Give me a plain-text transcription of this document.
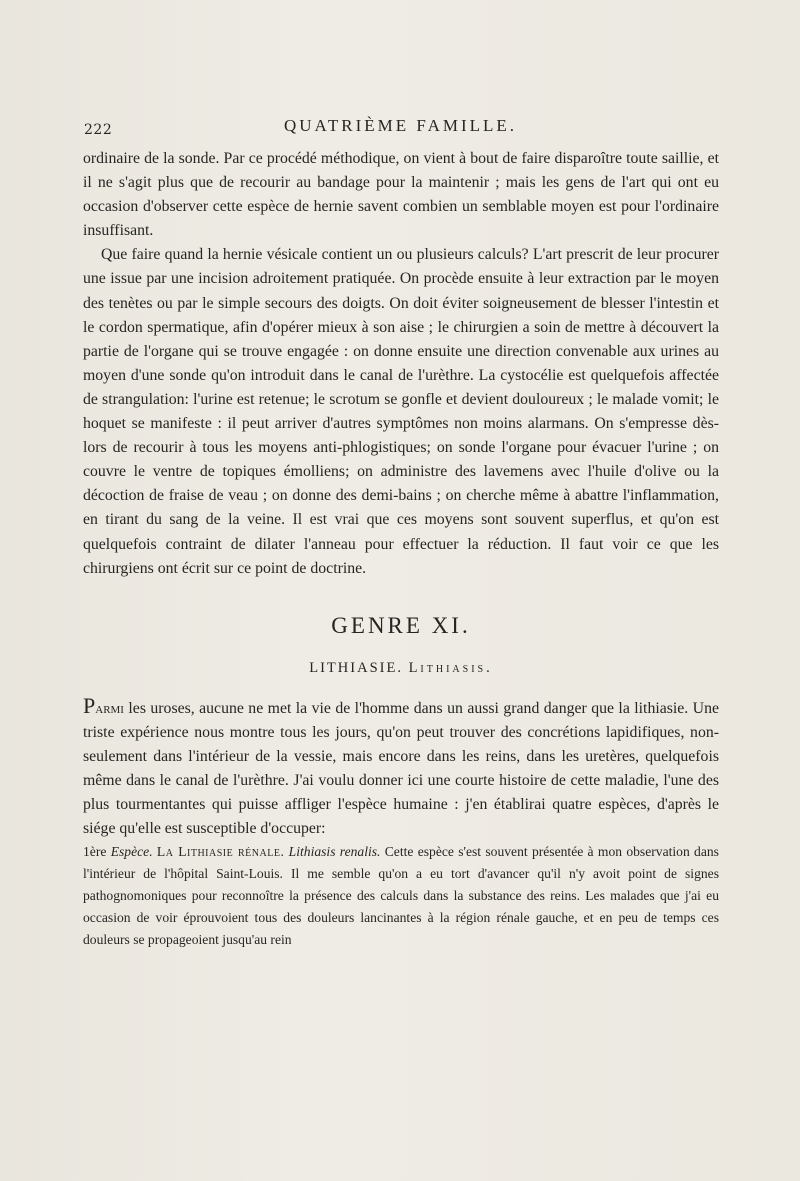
222	QUATRIÈME FAMILLE.

ordinaire de la sonde. Par ce procédé méthodique, on vient à bout de faire disparoître toute saillie, et il ne s'agit plus que de recourir au bandage pour la maintenir ; mais les gens de l'art qui ont eu occasion d'observer cette espèce de hernie savent combien un semblable moyen est pour l'ordinaire insuffisant.

Que faire quand la hernie vésicale contient un ou plusieurs calculs? L'art prescrit de leur procurer une issue par une incision adroitement pratiquée. On procède ensuite à leur extraction par le moyen des tenètes ou par le simple secours des doigts. On doit éviter soigneusement de blesser l'intestin et le cordon spermatique, afin d'opérer mieux à son aise ; le chirurgien a soin de mettre à découvert la partie de l'organe qui se trouve engagée : on donne ensuite une direction convenable aux urines au moyen d'une sonde qu'on introduit dans le canal de l'urèthre. La cystocélie est quelquefois affectée de strangulation: l'urine est retenue; le scrotum se gonfle et devient douloureux ; le malade vomit; le hoquet se manifeste : il peut arriver d'autres symptômes non moins alarmans. On s'empresse dès-lors de recourir à tous les moyens anti-phlogistiques; on sonde l'organe pour évacuer l'urine ; on couvre le ventre de topiques émolliens; on administre des lavemens avec l'huile d'olive ou la décoction de fraise de veau ; on donne des demi-bains ; on cherche même à abattre l'inflammation, en tirant du sang de la veine. Il est vrai que ces moyens sont souvent superflus, et qu'on est quelquefois contraint de dilater l'anneau pour effectuer la réduction. Il faut voir ce que les chirurgiens ont écrit sur ce point de doctrine.

GENRE XI.
LITHIASIE. Lithiasis.

Parmi les uroses, aucune ne met la vie de l'homme dans un aussi grand danger que la lithiasie. Une triste expérience nous montre tous les jours, qu'on peut trouver des concrétions lapidifiques, non-seulement dans l'intérieur de la vessie, mais encore dans les reins, dans les uretères, quelquefois même dans le canal de l'urèthre. J'ai voulu donner ici une courte histoire de cette maladie, l'une des plus tourmentantes qui puisse affliger l'espèce humaine : j'en établirai quatre espèces, d'après le siége qu'elle est susceptible d'occuper:

1ère Espèce. La Lithiasie rénale. Lithiasis renalis. Cette espèce s'est souvent présentée à mon observation dans l'intérieur de l'hôpital Saint-Louis. Il me semble qu'on a eu tort d'avancer qu'il n'y avoit point de signes pathognomoniques pour reconnoître la présence des calculs dans la substance des reins. Les malades que j'ai eu occasion de voir éprouvoient tous des douleurs lancinantes à la région rénale gauche, et en peu de temps ces douleurs se propageoient jusqu'au rein
